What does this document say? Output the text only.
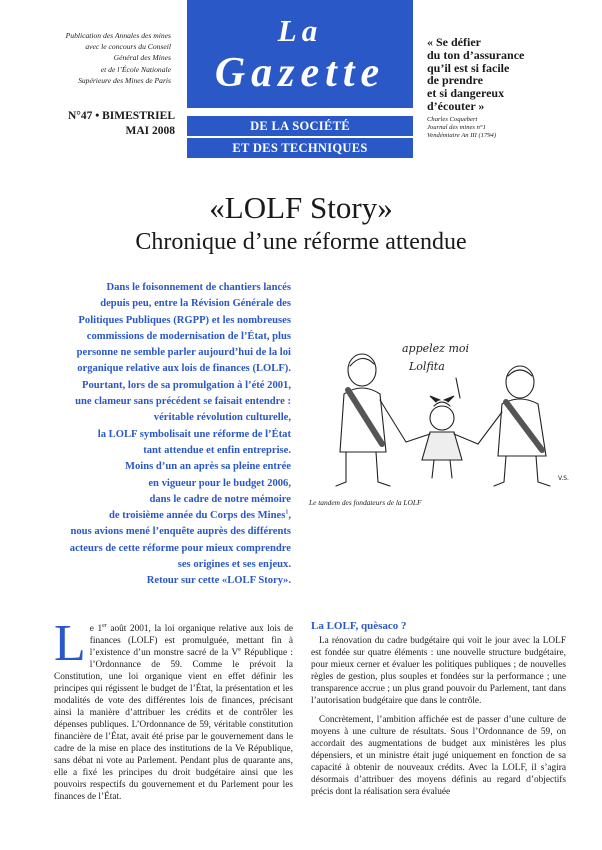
Publication des Annales des mines
avec le concours du Conseil
Général des Mines
et de l’École Nationale
Supérieure des Mines de Paris
N°47 • BIMESTRIEL
MAI 2008
La
Gazette
DE LA SOCIÉTÉ
ET DES TECHNIQUES
« Se défier
du ton d’assurance
qu’il est si facile
de prendre
et si dangereux
d’écouter »
Charles Coquebert
Journal des mines n°1
Vendémiaire An III (1794)
«LOLF Story»
Chronique d’une réforme attendue
Dans le foisonnement de chantiers lancés
depuis peu, entre la Révision Générale des
Politiques Publiques (RGPP) et les nombreuses
commissions de modernisation de l’État, plus
personne ne semble parler aujourd’hui de la loi
organique relative aux lois de finances (LOLF).
Pourtant, lors de sa promulgation à l’été 2001,
une clameur sans précédent se faisait entendre :
véritable révolution culturelle,
la LOLF symbolisait une réforme de l’État
tant attendue et enfin entreprise.
Moins d’un an après sa pleine entrée
en vigueur pour le budget 2006,
dans le cadre de notre mémoire
de troisième année du Corps des Mines$^1$,
nous avions mené l’enquête auprès des différents
acteurs de cette réforme pour mieux comprendre
ses origines et ses enjeux.
Retour sur cette «LOLF Story».
appelez moi
Lolfita
V.S.
Le tandem des fondateurs de la LOLF

Le 1er août 2001, la loi organique relative aux lois de finances (LOLF) est promulguée, mettant fin à l’existence d’un monstre sacré de la Ve République : l’Ordonnance de 59. Comme le prévoit la Constitution, une loi organique vient en effet définir les principes qui régissent le budget de l’État, la présentation et les modalités de vote des différentes lois de finances, précisant ainsi la manière d’attribuer les crédits et de contrôler les dépenses publiques. L’Ordonnance de 59, véritable constitution financière de l’État, avait été prise par le gouvernement dans le cadre de la mise en place des institutions de la Ve République, sans débat ni vote au Parlement. Pendant plus de quarante ans, elle a fixé les principes du droit budgétaire ainsi que les pouvoirs respectifs du gouvernement et du Parlement pour les finances de l’État.

La LOLF, quèsaco ?

La rénovation du cadre budgétaire qui voit le jour avec la LOLF est fondée sur quatre éléments : une nouvelle structure budgétaire, pour mieux cerner et évaluer les politiques publiques ; de nouvelles règles de gestion, plus souples et fondées sur la performance ; une transparence accrue ; un plus grand pouvoir du Parlement, tant dans l’autorisation budgétaire que dans le contrôle.

Concrètement, l’ambition affichée est de passer d’une culture de moyens à une culture de résultats. Sous l’Ordonnance de 59, on accordait des augmentations de budget aux ministères les plus dépensiers, et un ministre était jugé uniquement en fonction de sa capacité à obtenir de nouveaux crédits. Avec la LOLF, il s’agira désormais d’attribuer des moyens définis au regard d’objectifs précis dont la réalisation sera évaluée
